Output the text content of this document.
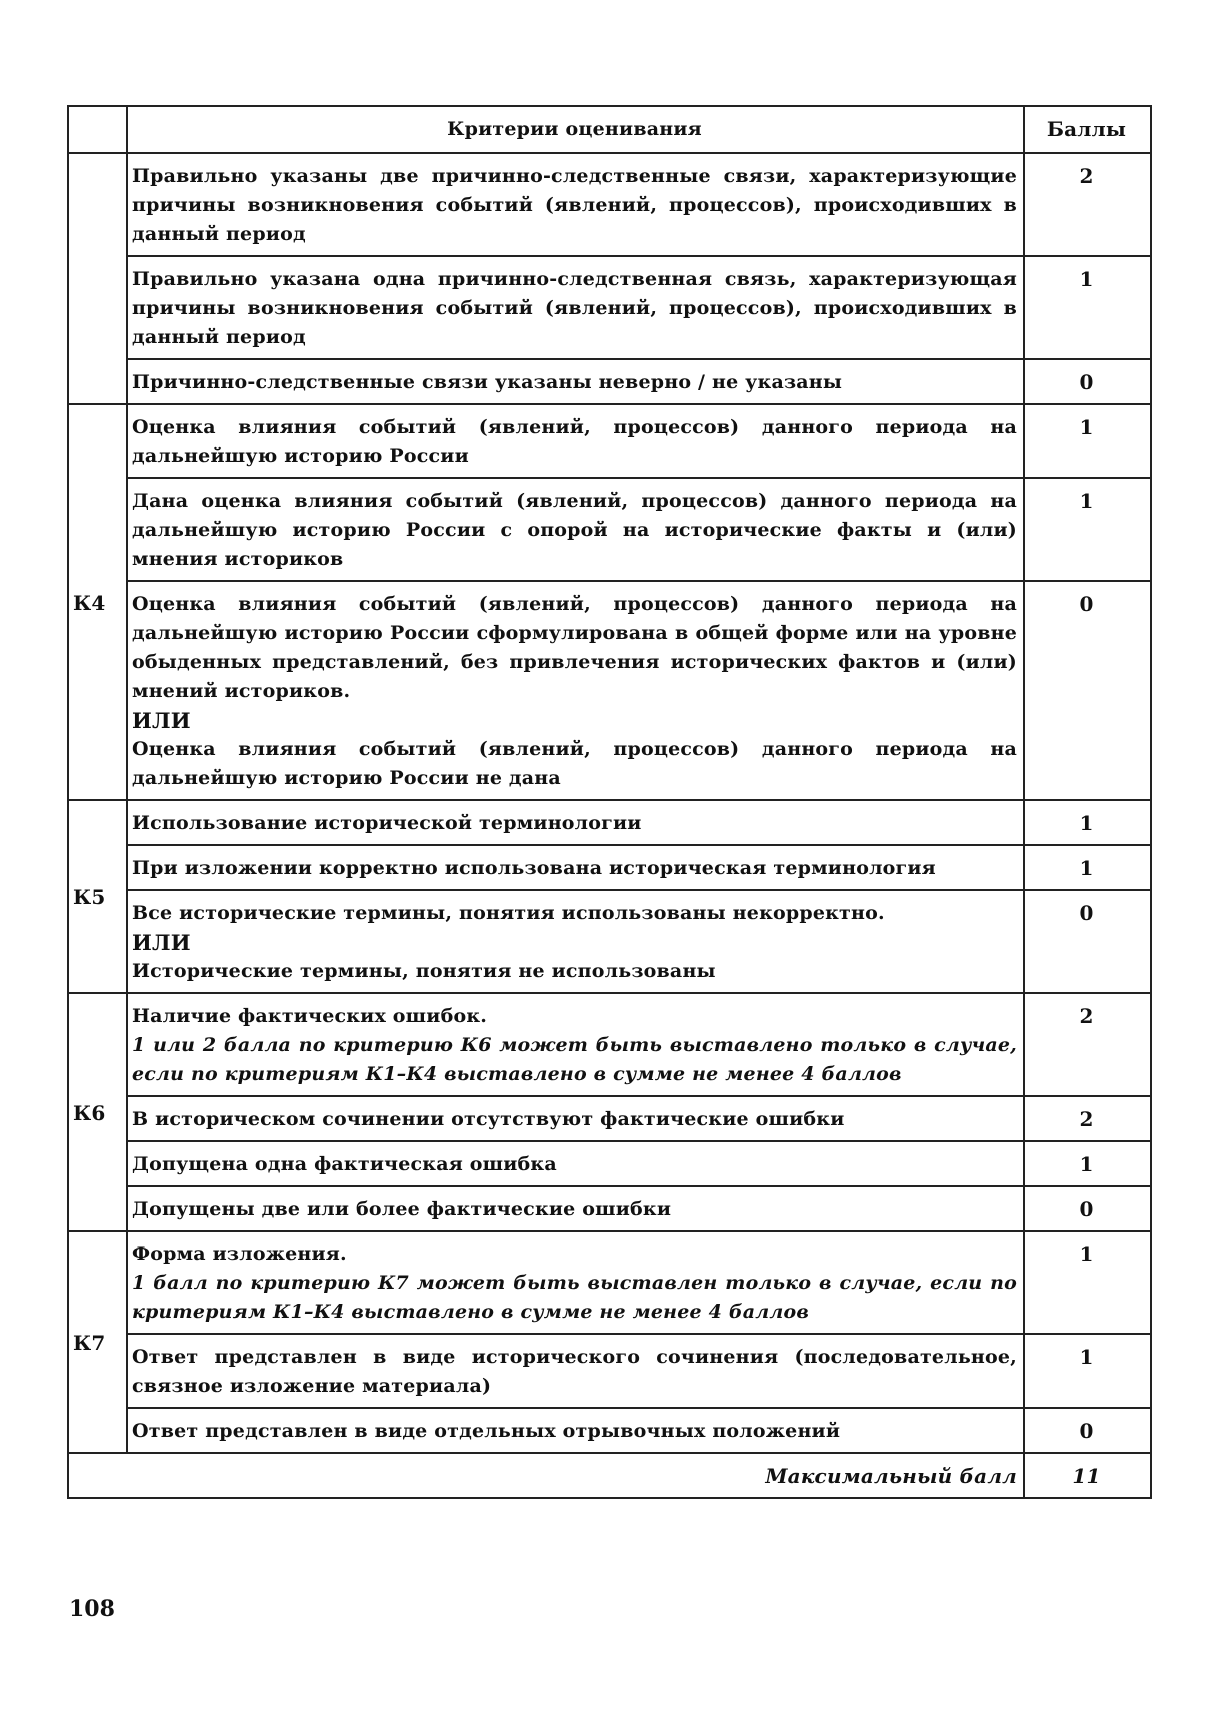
	Критерии оценивания	Баллы
	Правильно указаны две причинно-следственные связи, характеризующие причины возникновения событий (явлений, процессов), происходивших в данный период	2
	Правильно указана одна причинно-следственная связь, характеризующая причины возникновения событий (явлений, процессов), происходивших в данный период	1
	Причинно-следственные связи указаны неверно / не указаны	0
К4	Оценка влияния событий (явлений, процессов) данного периода на дальнейшую историю России	1
	Дана оценка влияния событий (явлений, процессов) данного периода на дальнейшую историю России с опорой на исторические факты и (или) мнения историков	1

	Оценка влияния событий (явлений, процессов) данного периода на дальнейшую историю России сформулирована в общей форме или на уровне обыденных представлений, без привлечения исторических фактов и (или) мнений историков.
ИЛИ
Оценка влияния событий (явлений, процессов) данного периода на дальнейшую историю России не дана	0
К5	Использование исторической терминологии	1
	При изложении корректно использована историческая терминология	1

	Все исторические термины, понятия использованы некорректно.
ИЛИ
Исторические термины, понятия не использованы	0
К6	Наличие фактических ошибок.
1 или 2 балла по критерию К6 может быть выставлено только в случае, если по критериям К1–К4 выставлено в сумме не менее 4 баллов	2
	В историческом сочинении отсутствуют фактические ошибки	2
	Допущена одна фактическая ошибка	1
	Допущены две или более фактические ошибки	0
К7	Форма изложения.
1 балл по критерию К7 может быть выставлен только в случае, если по критериям К1–К4 выставлено в сумме не менее 4 баллов	1
	Ответ представлен в виде исторического сочинения (последовательное, связное изложение материала)	1
	Ответ представлен в виде отдельных отрывочных положений	0
Максимальный балл		11
108
